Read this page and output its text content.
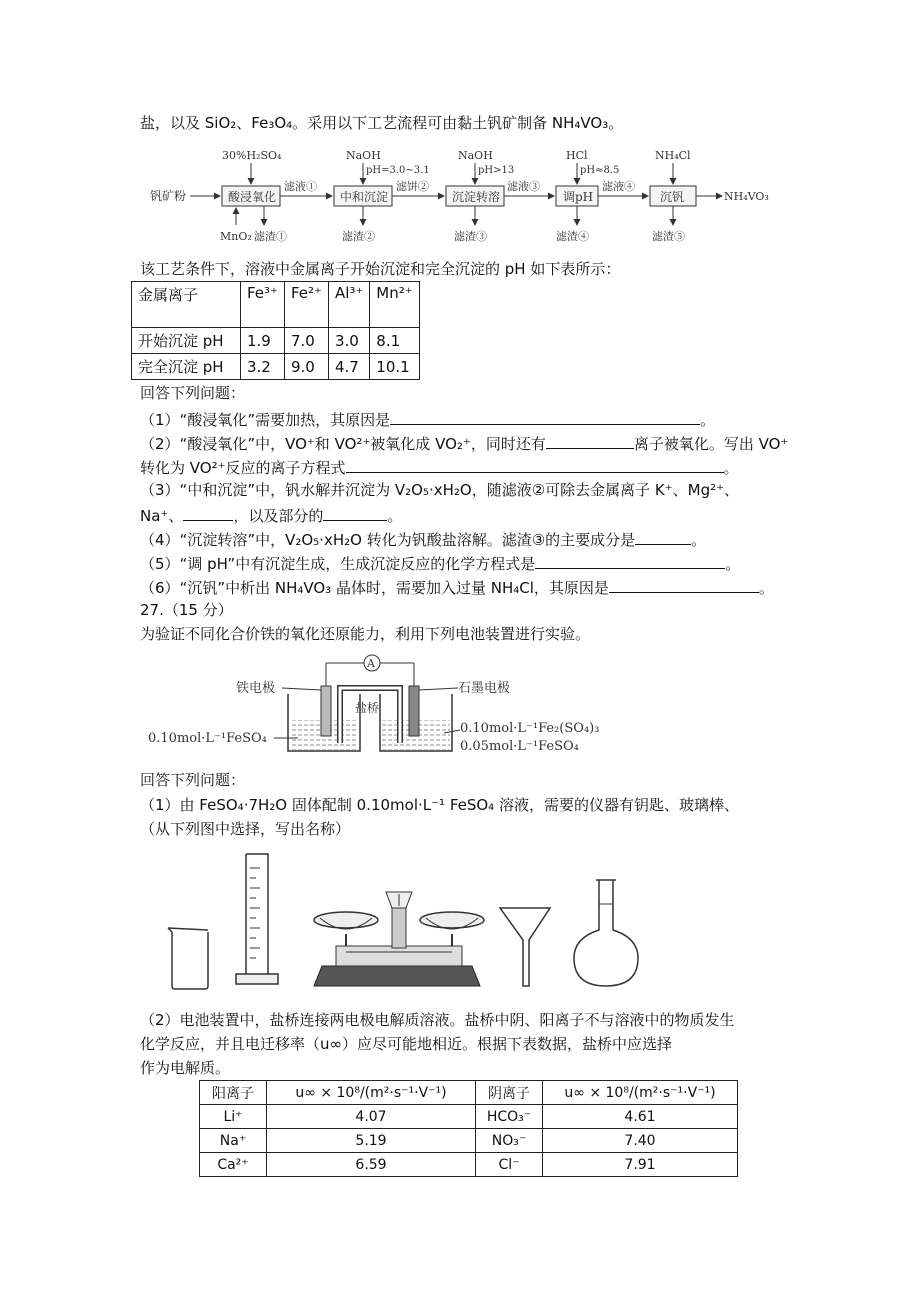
盐，以及 SiO₂、Fe₃O₄。采用以下工艺流程可由黏土钒矿制备 NH₄VO₃。
钒矿粉	酸浸氧化	中和沉淀	沉淀转溶	调pH	沉钒	NH₄VO₃
30%H₂SO₄	NaOH	NaOH	HCl	NH₄Cl
pH=3.0~3.1	pH>13	pH≈8.5
滤液①	滤饼②	滤液③	滤液④
MnO₂ 滤渣①	滤渣②	滤渣③	滤渣④	滤渣⑤
该工艺条件下，溶液中金属离子开始沉淀和完全沉淀的 pH 如下表所示：
金属离子	Fe³⁺	Fe²⁺	Al³⁺	Mn²⁺
开始沉淀 pH	1.9	7.0	3.0	8.1
完全沉淀 pH	3.2	9.0	4.7	10.1
回答下列问题：
（1）“酸浸氧化”需要加热，其原因是	。
（2）“酸浸氧化”中，VO⁺和 VO²⁺被氧化成 VO₂⁺，同时还有	离子被氧化。写出 VO⁺
转化为 VO²⁺反应的离子方程式	。
（3）“中和沉淀”中，钒水解并沉淀为 V₂O₅·xH₂O，随滤液②可除去金属离子 K⁺、Mg²⁺、
Na⁺、	，以及部分的	。
（4）“沉淀转溶”中，V₂O₅·xH₂O 转化为钒酸盐溶解。滤渣③的主要成分是	。
（5）“调 pH”中有沉淀生成，生成沉淀反应的化学方程式是	。
（6）“沉钒”中析出 NH₄VO₃ 晶体时，需要加入过量 NH₄Cl，其原因是	。
27.（15 分）
为验证不同化合价铁的氧化还原能力，利用下列电池装置进行实验。
A
铁电极	石墨电极
盐桥
0.10mol·L⁻¹FeSO₄
0.10mol·L⁻¹Fe₂(SO₄)₃
0.05mol·L⁻¹FeSO₄
回答下列问题：
（1）由 FeSO₄·7H₂O 固体配制 0.10mol·L⁻¹ FeSO₄ 溶液，需要的仪器有钥匙、玻璃棒、
（从下列图中选择，写出名称）
（2）电池装置中，盐桥连接两电极电解质溶液。盐桥中阴、阳离子不与溶液中的物质发生
化学反应，并且电迁移率（u∞）应尽可能地相近。根据下表数据，盐桥中应选择
作为电解质。
阳离子	u∞ × 10⁸/(m²·s⁻¹·V⁻¹)	阴离子	u∞ × 10⁸/(m²·s⁻¹·V⁻¹)
Li⁺	4.07	HCO₃⁻	4.61
Na⁺	5.19	NO₃⁻	7.40
Ca²⁺	6.59	Cl⁻	7.91
